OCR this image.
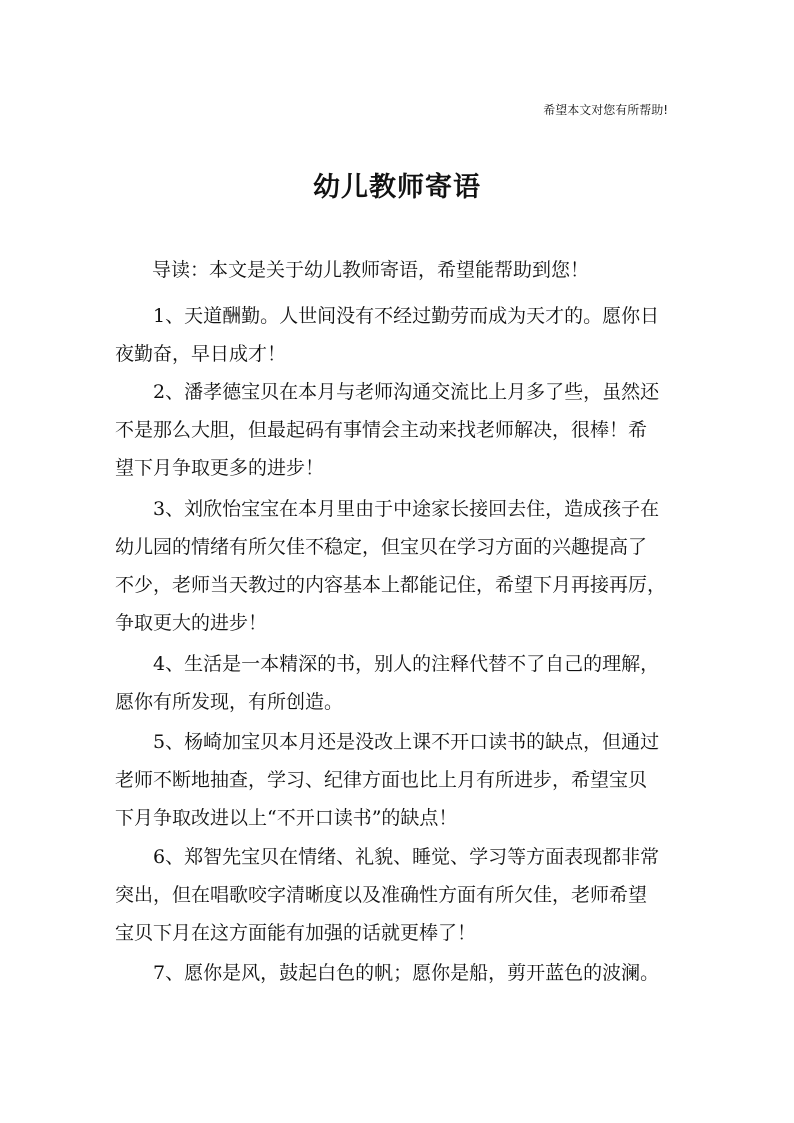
希望本文对您有所帮助!
幼儿教师寄语
导读：本文是关于幼儿教师寄语，希望能帮助到您！
1、天道酬勤。人世间没有不经过勤劳而成为天才的。愿你日
夜勤奋，早日成才！
2、潘孝德宝贝在本月与老师沟通交流比上月多了些，虽然还
不是那么大胆，但最起码有事情会主动来找老师解决，很棒！希
望下月争取更多的进步！
3、刘欣怡宝宝在本月里由于中途家长接回去住，造成孩子在
幼儿园的情绪有所欠佳不稳定，但宝贝在学习方面的兴趣提高了
不少，老师当天教过的内容基本上都能记住，希望下月再接再厉，
争取更大的进步！
4、生活是一本精深的书，别人的注释代替不了自己的理解，
愿你有所发现，有所创造。
5、杨崎加宝贝本月还是没改上课不开口读书的缺点，但通过
老师不断地抽查，学习、纪律方面也比上月有所进步，希望宝贝
下月争取改进以上“不开口读书”的缺点！
6、郑智先宝贝在情绪、礼貌、睡觉、学习等方面表现都非常
突出，但在唱歌咬字清晰度以及准确性方面有所欠佳，老师希望
宝贝下月在这方面能有加强的话就更棒了！
7、愿你是风，鼓起白色的帆；愿你是船，剪开蓝色的波澜。
